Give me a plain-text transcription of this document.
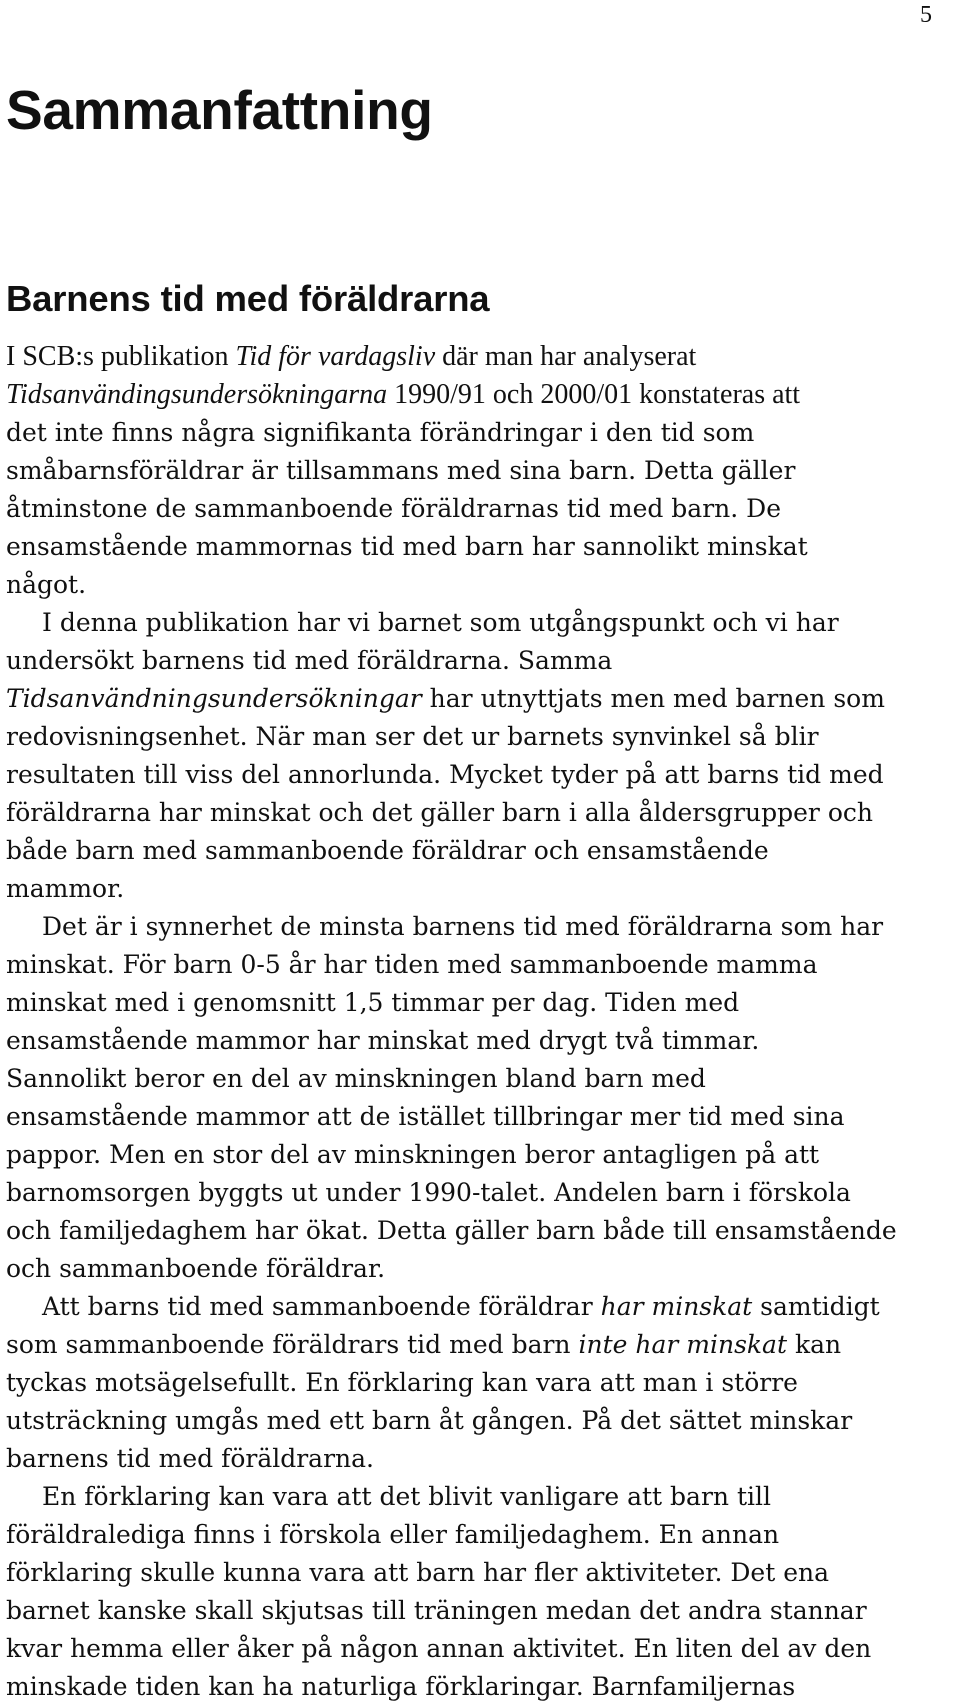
5
Sammanfattning
Barnens tid med föräldrarna

I SCB:s publikation Tid för vardagsliv där man har analyserat
Tidsanvändingsundersökningarna 1990/91 och 2000/01 konstateras att
det inte finns några signifikanta förändringar i den tid som
småbarnsföräldrar är tillsammans med sina barn. Detta gäller
åtminstone de sammanboende föräldrarnas tid med barn. De
ensamstående mammornas tid med barn har sannolikt minskat
något.

I denna publikation har vi barnet som utgångspunkt och vi har
undersökt barnens tid med föräldrarna. Samma
Tidsanvändningsundersökningar har utnyttjats men med barnen som
redovisningsenhet. När man ser det ur barnets synvinkel så blir
resultaten till viss del annorlunda. Mycket tyder på att barns tid med
föräldrarna har minskat och det gäller barn i alla åldersgrupper och
både barn med sammanboende föräldrar och ensamstående
mammor.

Det är i synnerhet de minsta barnens tid med föräldrarna som har
minskat. För barn 0-5 år har tiden med sammanboende mamma
minskat med i genomsnitt 1,5 timmar per dag. Tiden med
ensamstående mammor har minskat med drygt två timmar.
Sannolikt beror en del av minskningen bland barn med
ensamstående mammor att de istället tillbringar mer tid med sina
pappor. Men en stor del av minskningen beror antagligen på att
barnomsorgen byggts ut under 1990-talet. Andelen barn i förskola
och familjedaghem har ökat. Detta gäller barn både till ensamstående
och sammanboende föräldrar.

Att barns tid med sammanboende föräldrar har minskat samtidigt
som sammanboende föräldrars tid med barn inte har minskat kan
tyckas motsägelsefullt. En förklaring kan vara att man i större
utsträckning umgås med ett barn åt gången. På det sättet minskar
barnens tid med föräldrarna.

En förklaring kan vara att det blivit vanligare att barn till
föräldralediga finns i förskola eller familjedaghem. En annan
förklaring skulle kunna vara att barn har fler aktiviteter. Det ena
barnet kanske skall skjutsas till träningen medan det andra stannar
kvar hemma eller åker på någon annan aktivitet. En liten del av den
minskade tiden kan ha naturliga förklaringar. Barnfamiljernas
